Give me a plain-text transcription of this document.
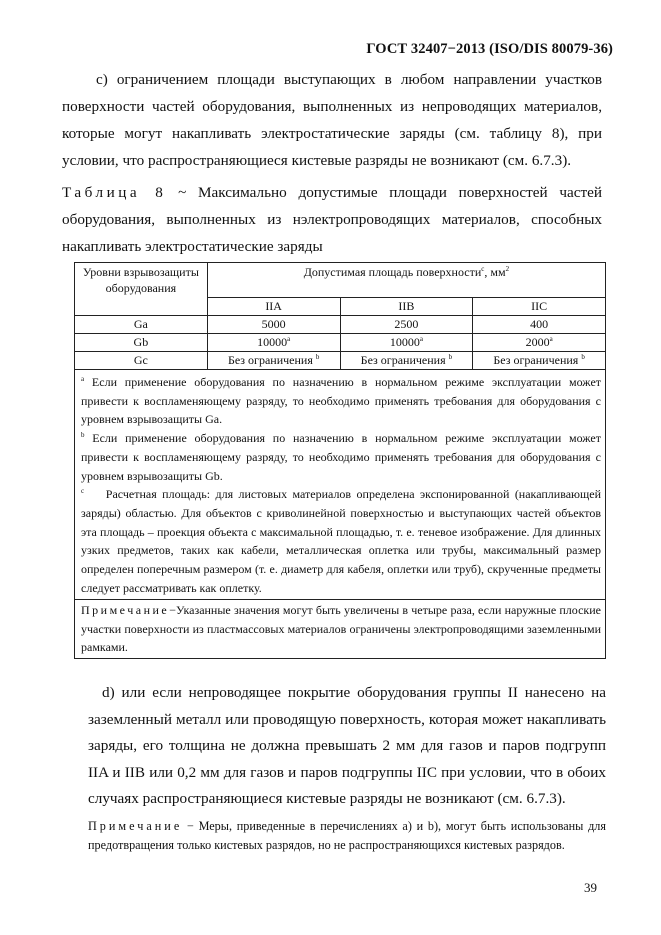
ГОСТ 32407−2013 (ISO/DIS 80079-36)
c) ограничением площади выступающих в любом направлении участков поверхности частей оборудования, выполненных из непроводящих материалов, которые могут накапливать электростатические заряды (см. таблицу 8), при условии, что распространяющиеся кистевые разряды не возникают (см. 6.7.3).
Таблица 8 ~ Максимально допустимые площади поверхностей частей оборудования, выполненных из нэлектропроводящих материалов, способных накапливать электростатические заряды
Уровни взрывозащиты оборудования	Допустимая площадь поверхности$^c$, $мм^2$
	IIA	IIB	IIC
Ga	5000	2500	400
Gb	10000$^a$	10000$^a$	2000$^a$
Gc	Без ограничения $^b$	Без ограничения $^b$	Без ограничения $^b$

$^a$ Если применение оборудования по назначению в нормальном режиме эксплуатации может привести к воспламеняющему разряду, то необходимо применять требования для оборудования с уровнем взрывозащиты Ga.

$^b$ Если применение оборудования по назначению в нормальном режиме эксплуатации может привести к воспламеняющему разряду, то необходимо применять требования для оборудования с уровнем взрывозащиты Gb.

$^c$ Расчетная площадь: для листовых материалов определена экспонированной (накапливающей заряды) областью. Для объектов с криволинейной поверхностью и выступающих частей объектов эта площадь – проекция объекта с максимальной площадью, т. е. теневое изображение. Для длинных узких предметов, таких как кабели, металлическая оплетка или трубы, максимальный размер определен поперечным размером (т. е. диаметр для кабеля, оплетки или труб), скрученные предметы следует рассматривать как оплетку.			

Примечание−Указанные значения могут быть увеличены в четыре раза, если наружные плоские участки поверхности из пластмассовых материалов ограничены электропроводящими заземленными рамками.			
d) или если непроводящее покрытие оборудования группы II нанесено на заземленный металл или проводящую поверхность, которая может накапливать заряды, его толщина не должна превышать 2 мм для газов и паров подгрупп IIA и IIB или 0,2 мм для газов и паров подгруппы IIC при условии, что в обоих случаях распространяющиеся кистевые разряды не возникают (см. 6.7.3).
Примечание − Меры, приведенные в перечислениях a) и b), могут быть использованы для предотвращения только кистевых разрядов, но не распространяющихся кистевых разрядов.
39
